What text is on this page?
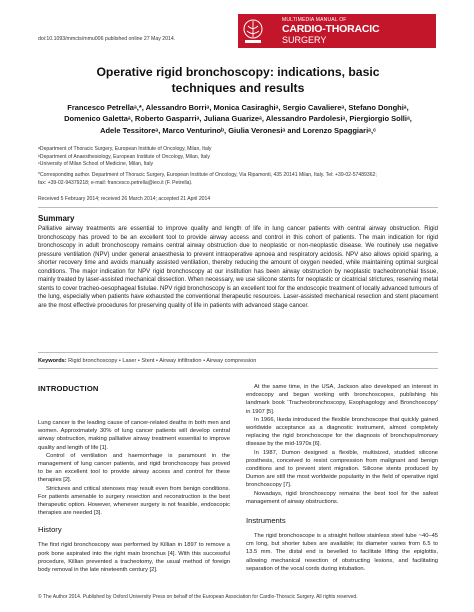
doi:10.1093/mmcts/mmu006 published online 27 May 2014.
MULTIMEDIA MANUAL OF
CARDIO-THORACIC
SURGERY
Operative rigid bronchoscopy: indications, basic
techniques and results
Francesco Petrellaᵃ,*, Alessandro Borriᵃ, Monica Casiraghiᵃ, Sergio Cavaliereᵃ, Stefano Donghiᵃ,
Domenico Galettaᵃ, Roberto Gasparriᵃ, Juliana Guarizeᵃ, Alessandro Pardolesiᵃ, Piergiorgio Solliᵃ,
Adele Tessitoreᵃ, Marco Venturinoᵇ, Giulia Veronesiᵃ and Lorenzo Spaggiariᵃ,ᶜ
ᵃDepartment of Thoracic Surgery, European Institute of Oncology, Milan, Italy
ᵇDepartment of Anaesthesiology, European Institute of Oncology, Milan, Italy
ᶜUniversity of Milan School of Medicine, Milan, Italy
*Corresponding author. Department of Thoracic Surgery, European Institute of Oncology, Via Ripamonti, 435 20141 Milan, Italy. Tel: +39-02-57489362;
fax: +39-02-94379218; e-mail: francesco.petrella@ieo.it (F. Petrella).
Received 5 February 2014; received 26 March 2014; accepted 21 April 2014
Summary
Palliative airway treatments are essential to improve quality and length of life in lung cancer patients with central airway obstruction. Rigid bronchoscopy has proved to be an excellent tool to provide airway access and control in this cohort of patients. The main indication for rigid bronchoscopy in adult bronchoscopy remains central airway obstruction due to neoplastic or non-neoplastic disease. We routinely use negative pressure ventilation (NPV) under general anaesthesia to prevent intraoperative apnoea and respiratory acidosis. NPV also allows opioid sparing, a shorter recovery time and avoids manually assisted ventilation, thereby reducing the amount of oxygen needed, while maintaining optimal surgical conditions. The major indication for NPV rigid bronchoscopy at our institution has been airway obstruction by neoplastic tracheobronchial tissue, mainly treated by laser-assisted mechanical dissection. When necessary, we use silicone stents for neoplastic or cicatricial strictures, reserving metal stents to cover tracheo-oesophageal fistulae. NPV rigid bronchoscopy is an excellent tool for the endoscopic treatment of locally advanced tumours of the lung, especially when patients have exhausted the conventional therapeutic resources. Laser-assisted mechanical resection and stent placement are the most effective procedures for preserving quality of life in patients with advanced stage cancer.
Keywords: Rigid bronchoscopy • Laser • Stent • Airway infiltration • Airway compression
INTRODUCTION

Lung cancer is the leading cause of cancer-related deaths in both men and women. Approximately 30% of lung cancer patients will develop central airway obstruction, making palliative airway treatment essential to improve quality and length of life [1].

Control of ventilation and haemorrhage is paramount in the management of lung cancer patients, and rigid bronchoscopy has proved to be an excellent tool to provide airway access and control for these therapies [2].

Strictures and critical stenoses may result even from benign conditions. For patients amenable to surgery resection and reconstruction is the best therapeutic option. However, whenever surgery is not feasible, endoscopic therapies are needed [3].

History

The first rigid bronchoscopy was performed by Killian in 1897 to remove a pork bone aspirated into the right main bronchus [4]. With this successful procedure, Killian prevented a tracheotomy, the usual method of foreign body removal in the late nineteenth century [2].

At the same time, in the USA, Jackson also developed an interest in endoscopy and began working with bronchoscopes, publishing his landmark book ‘Tracheobronchoscopy, Esophagology and Bronchoscopy’ in 1907 [5].

In 1966, Ikeda introduced the flexible bronchoscope that quickly gained worldwide acceptance as a diagnostic instrument, almost completely replacing the rigid bronchoscope for the diagnosis of bronchopulmonary disease by the mid-1970s [6].

In 1987, Dumon designed a flexible, multisized, studded silicone prosthesis, conceived to resist compression from malignant and benign conditions and to prevent stent migration. Silicone stents produced by Dumon are still the most worldwide popularity in the field of operative rigid bronchoscopy [7].

Nowadays, rigid bronchoscopy remains the best tool for the safest management of airway obstructions.

Instruments

The rigid bronchoscope is a straight hollow stainless steel tube ~40–45 cm long, but shorter tubes are available; its diameter varies from 6.5 to 13.5 mm. The distal end is bevelled to facilitate lifting the epiglottis, allowing mechanical resection of obstructing lesions, and facilitating separation of the vocal cords during intubation.

© The Author 2014. Published by Oxford University Press on behalf of the European Association for Cardio-Thoracic Surgery. All rights reserved.
